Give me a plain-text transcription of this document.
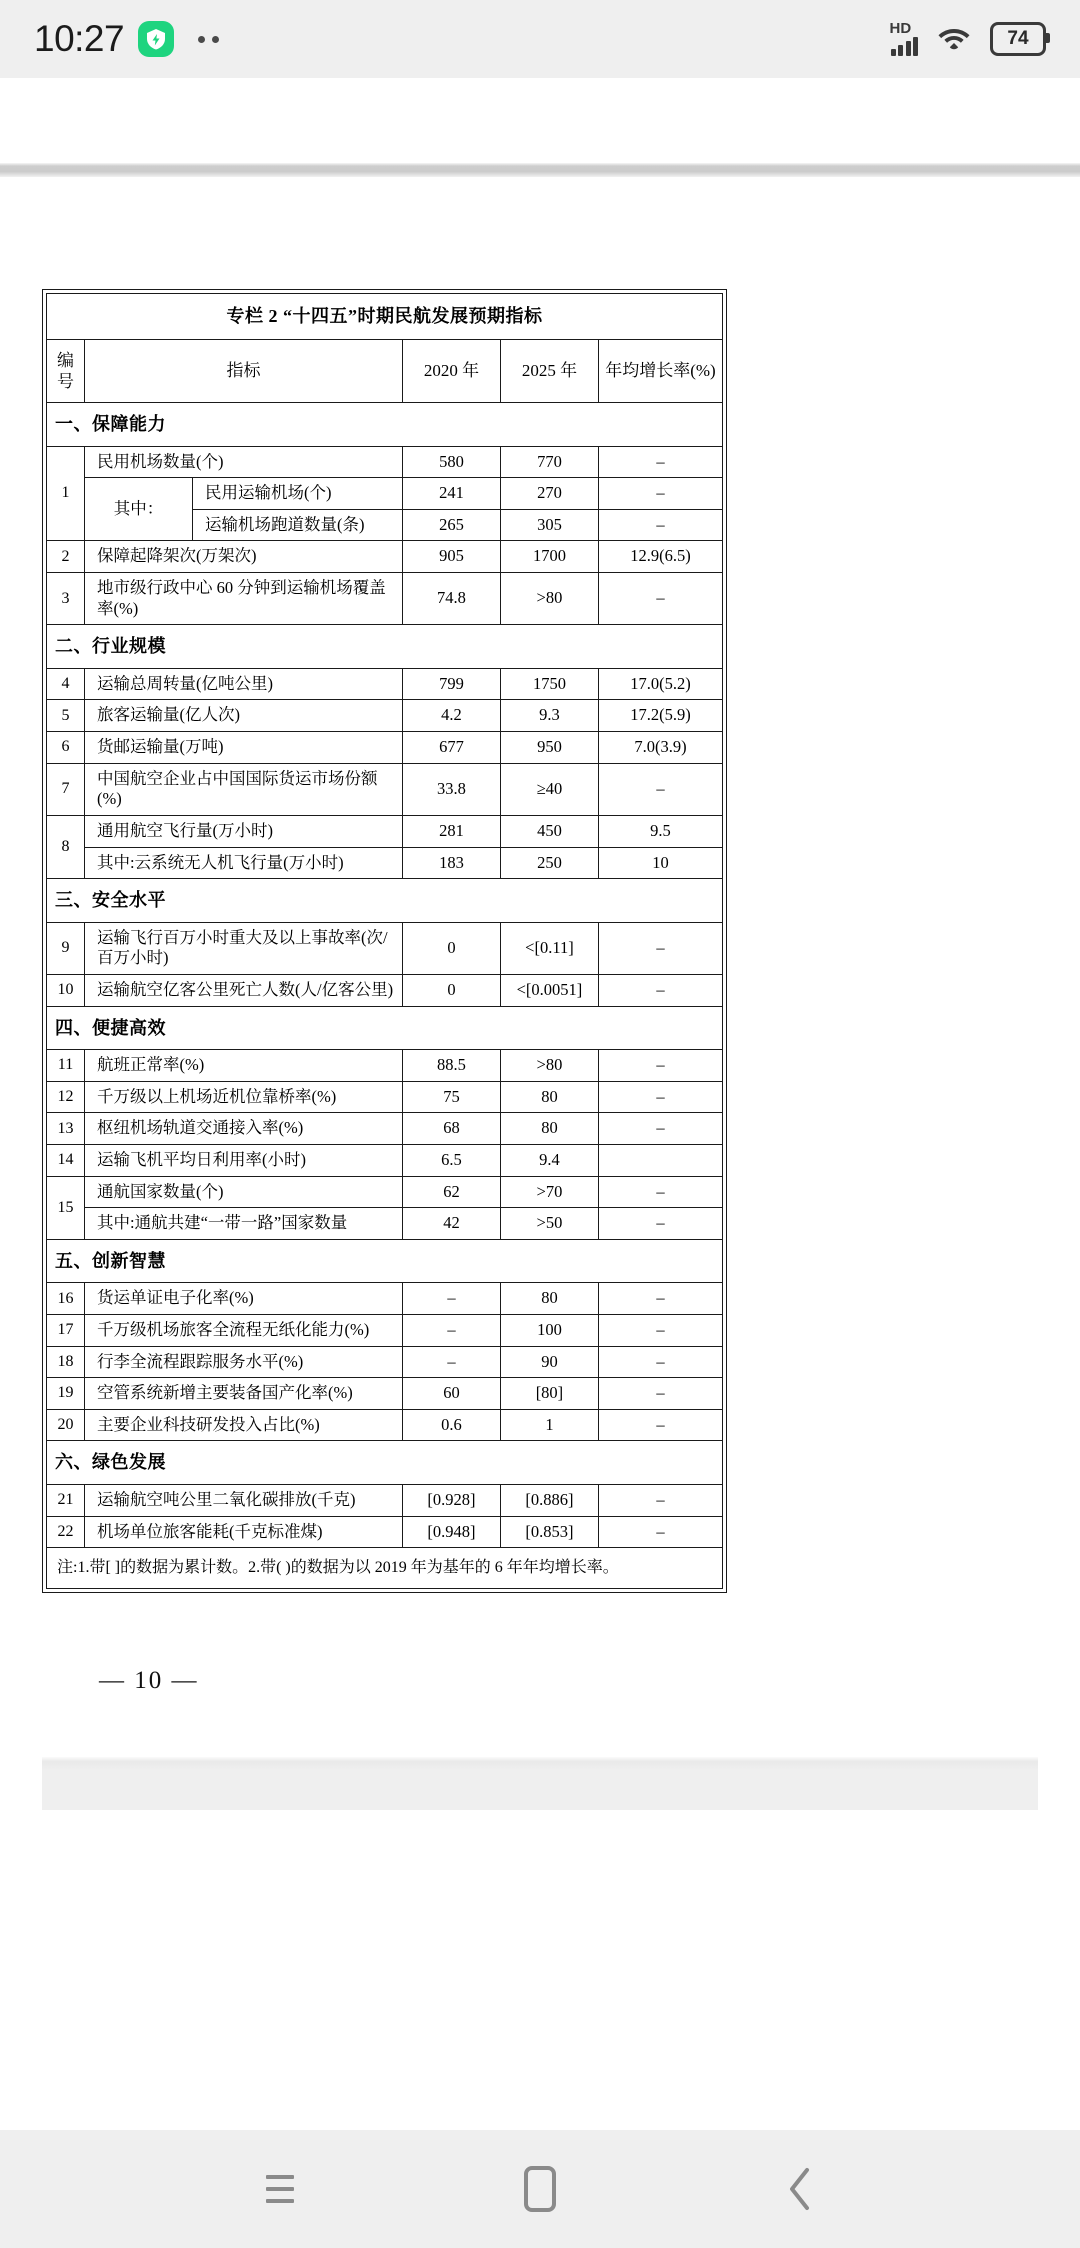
10:27	HD	74
专栏 2 “十四五”时期民航发展预期指标					
编号	指标		2020 年	2025 年	年均增长率(%)
一、保障能力					
1	民用机场数量(个)		580	770	–
	其中：	民用运输机场(个)	241	270	–
		运输机场跑道数量(条)	265	305	–
2	保障起降架次(万架次)		905	1700	12.9(6.5)
3	地市级行政中心 60 分钟到运输机场覆盖率(%)		74.8	>80	–
二、行业规模					
4	运输总周转量(亿吨公里)		799	1750	17.0(5.2)
5	旅客运输量(亿人次)		4.2	9.3	17.2(5.9)
6	货邮运输量(万吨)		677	950	7.0(3.9)
7	中国航空企业占中国国际货运市场份额(%)		33.8	≥40	–
8	通用航空飞行量(万小时)		281	450	9.5
	其中:云系统无人机飞行量(万小时)		183	250	10
三、安全水平					
9	运输飞行百万小时重大及以上事故率(次/百万小时)		0	<[0.11]	–
10	运输航空亿客公里死亡人数(人/亿客公里)		0	<[0.0051]	–
四、便捷高效					
11	航班正常率(%)		88.5	>80	–
12	千万级以上机场近机位靠桥率(%)		75	80	–
13	枢纽机场轨道交通接入率(%)		68	80	–
14	运输飞机平均日利用率(小时)		6.5	9.4	
15	通航国家数量(个)		62	>70	–
	其中:通航共建“一带一路”国家数量		42	>50	–
五、创新智慧					
16	货运单证电子化率(%)		–	80	–
17	千万级机场旅客全流程无纸化能力(%)		–	100	–
18	行李全流程跟踪服务水平(%)		–	90	–
19	空管系统新增主要装备国产化率(%)		60	[80]	–
20	主要企业科技研发投入占比(%)		0.6	1	–
六、绿色发展					
21	运输航空吨公里二氧化碳排放(千克)		[0.928]	[0.886]	–
22	机场单位旅客能耗(千克标准煤)		[0.948]	[0.853]	–
注:1.带[ ]的数据为累计数。2.带( )的数据为以 2019 年为基年的 6 年年均增长率。					
— 10 —
